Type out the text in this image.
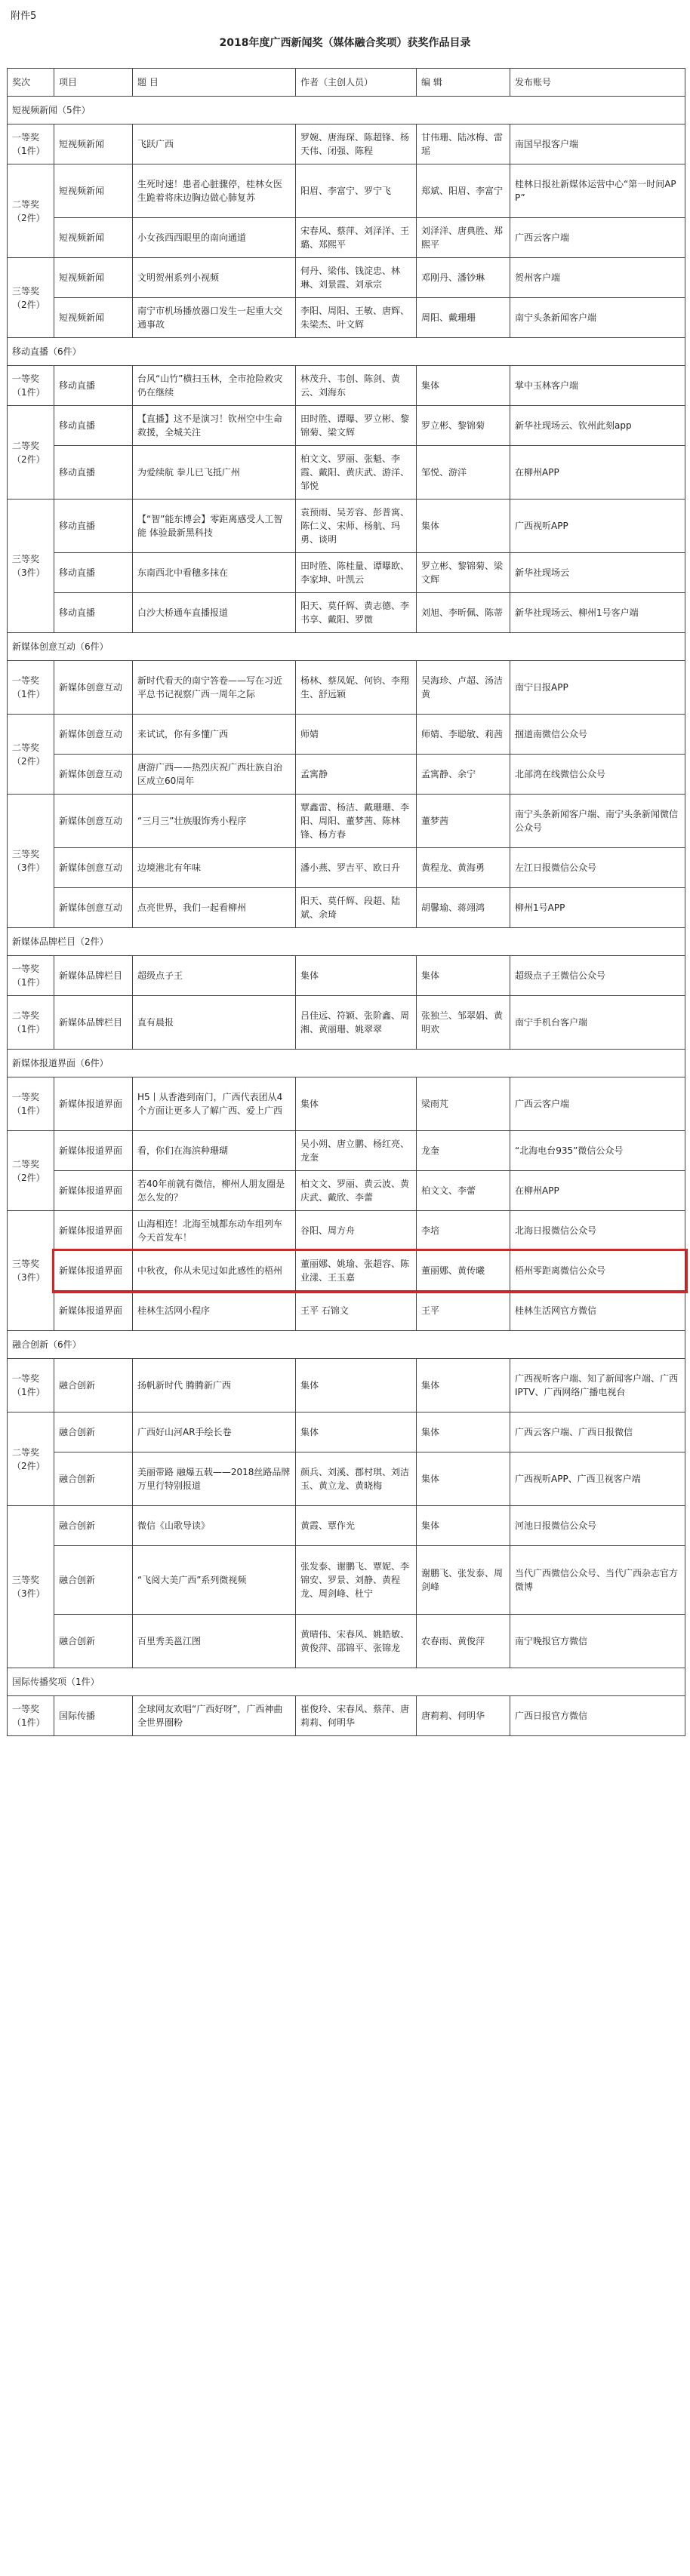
附件5
2018年度广西新闻奖（媒体融合奖项）获奖作品目录
奖次	项目	题 目	作者（主创人员）	编 辑	发布账号
短视频新闻（5件）					
一等奖（1件）	短视频新闻	飞跃广西	罗婉、唐海琛、陈超锋、杨天伟、闭强、陈程	甘伟珊、陆冰梅、雷瑶	南国早报客户端
二等奖（2件）	短视频新闻	生死时速！患者心脏骤停，桂林女医生跪着将床边胸边做心肺复苏	阳眉、李富宁、罗宁飞	郑斌、阳眉、李富宁	桂林日报社新媒体运营中心“第一时间APP”
	短视频新闻	小女孩西西眼里的南向通道	宋春风、蔡萍、刘泽洋、王璐、郑熙平	刘泽洋、唐典胜、郑熙平	广西云客户端
三等奖（2件）	短视频新闻	文明贺州系列小视频	何丹、梁伟、钱淀忠、林琳、刘景霞、刘承宗	邓刚丹、潘钞琳	贺州客户端
	短视频新闻	南宁市机场播放器口发生一起重大交通事故	李阳、周阳、王敏、唐辉、朱梁杰、叶文辉	周阳、戴珊珊	南宁头条新闻客户端
移动直播（6件）					
一等奖（1件）	移动直播	台风“山竹”横扫玉林，全市抢险救灾仍在继续	林茂升、韦创、陈剑、黄云、刘海东	集体	掌中玉林客户端
二等奖（2件）	移动直播	【直播】这不是演习！钦州空中生命救援，全城关注	田时胜、谭曝、罗立彬、黎锦菊、梁文辉	罗立彬、黎锦菊	新华社现场云、钦州此刻app
	移动直播	为爱续航 拳儿已飞抵广州	柏文文、罗丽、张魁、李霞、戴阳、黄庆武、游洋、邹悦	邹悦、游洋	在柳州APP
三等奖（3件）	移动直播	【“智”能东博会】零距离感受人工智能 体验最新黑科技	袁预雨、吴芳容、彭普寓、陈仁义、宋师、杨航、玛勇、谈明	集体	广西视听APP
	移动直播	东南西北中看穗多抹在	田时胜、陈桂量、谭曝欧、李家坤、叶凯云	罗立彬、黎锦菊、梁文辉	新华社现场云
	移动直播	白沙大桥通车直播报道	阳天、莫仟辉、黄志德、李书享、戴阳、罗微	刘旭、李昕佩、陈蒂	新华社现场云、柳州1号客户端
新媒体创意互动（6件）					
一等奖（1件）	新媒体创意互动	新时代看天的南宁答卷——写在习近平总书记视察广西一周年之际	杨林、蔡凤妮、何钧、李翔生、舒远颖	吴海珍、卢超、汤洁黄	南宁日报APP
二等奖（2件）	新媒体创意互动	来试试，你有多懂广西	师婧	师婧、李聪敏、莉茜	掴道南微信公众号
	新媒体创意互动	唐游广西——热烈庆祝广西壮族自治区成立60周年	孟寓静	孟寓静、余宁	北部湾在线微信公众号
三等奖（3件）	新媒体创意互动	“三月三”壮族服饰秀小程序	覃鑫雷、杨洁、戴珊珊、李阳、周阳、董梦茜、陈林锋、杨方春	董梦茜	南宁头条新闻客户端、南宁头条新闻微信公众号
	新媒体创意互动	边境港北有年味	潘小燕、罗吉平、欧日升	黄程龙、黄海勇	左江日报微信公众号
	新媒体创意互动	点亮世界，我们一起看柳州	阳天、莫仟辉、段超、陆斌、余琦	胡馨瑜、蒋翊鸿	柳州1号APP
新媒体品牌栏目（2件）					
一等奖（1件）	新媒体品牌栏目	超级点子王	集体	集体	超级点子王微信公众号
二等奖（1件）	新媒体品牌栏目	直有晨报	吕佳远、符颖、张阶鑫、周湘、黄丽珊、姚翠翠	张独兰、邹翠娟、黄明欢	南宁手机台客户端
新媒体报道界面（6件）					
一等奖（1件）	新媒体报道界面	H5丨从香港到南门，广西代表团从4个方面让更多人了解广西、爱上广西	集体	梁雨芃	广西云客户端
二等奖（2件）	新媒体报道界面	看，你们在海滨种珊瑚	吴小朔、唐立鹏、杨红亮、龙奎	龙奎	“北海电台935”微信公众号
	新媒体报道界面	若40年前就有微信，柳州人朋友圈是怎么发的？	柏文文、罗丽、黄云波、黄庆武、戴欣、李蕾	柏文文、李蕾	在柳州APP
三等奖（3件）	新媒体报道界面	山海相连！北海至城都东动车组列车今天首发车！	谷阳、周方舟	李培	北海日报微信公众号
	新媒体报道界面	中秋夜，你从未见过如此感性的梧州	董丽娜、姚瑜、张超容、陈业漾、王玉嘉	董丽娜、黄传曦	梧州零距离微信公众号
	新媒体报道界面	桂林生活网小程序	王平 石锦文	王平	桂林生活网官方微信
融合创新（6件）					
一等奖（1件）	融合创新	扬帆新时代 腾腾新广西	集体	集体	广西视听客户端、知了新闻客户端、广西IPTV、广西网络广播电视台
二等奖（2件）	融合创新	广西好山河AR手绘长卷	集体	集体	广西云客户端、广西日报微信
	融合创新	美丽带路 融爆五载——2018丝路品牌万里行特别报道	颜兵、刘溪、郡村琪、刘洁玉、黄立龙、黄晓梅	集体	广西视听APP、广西卫视客户端
三等奖（3件）	融合创新	微信《山歌导读》	黄霞、覃作光	集体	河池日报微信公众号
	融合创新	“飞阅大美广西”系列微视频	张发泰、谢鹏飞、覃妮、李锦安、罗景、刘静、黄程龙、周剑峰、杜宁	谢鹏飞、张发泰、周剑峰	当代广西微信公众号、当代广西杂志官方微博
	融合创新	百里秀美邕江图	黄晴伟、宋春风、姚皓敏、黄俊萍、邵锦平、张锦龙	农春雨、黄俊萍	南宁晚报官方微信
国际传播奖项（1件）					
一等奖（1件）	国际传播	全球网友欢唱“广西好呀”，广西神曲全世界圈粉	崔俊玲、宋春风、蔡萍、唐莉莉、何明华	唐莉莉、何明华	广西日报官方微信
